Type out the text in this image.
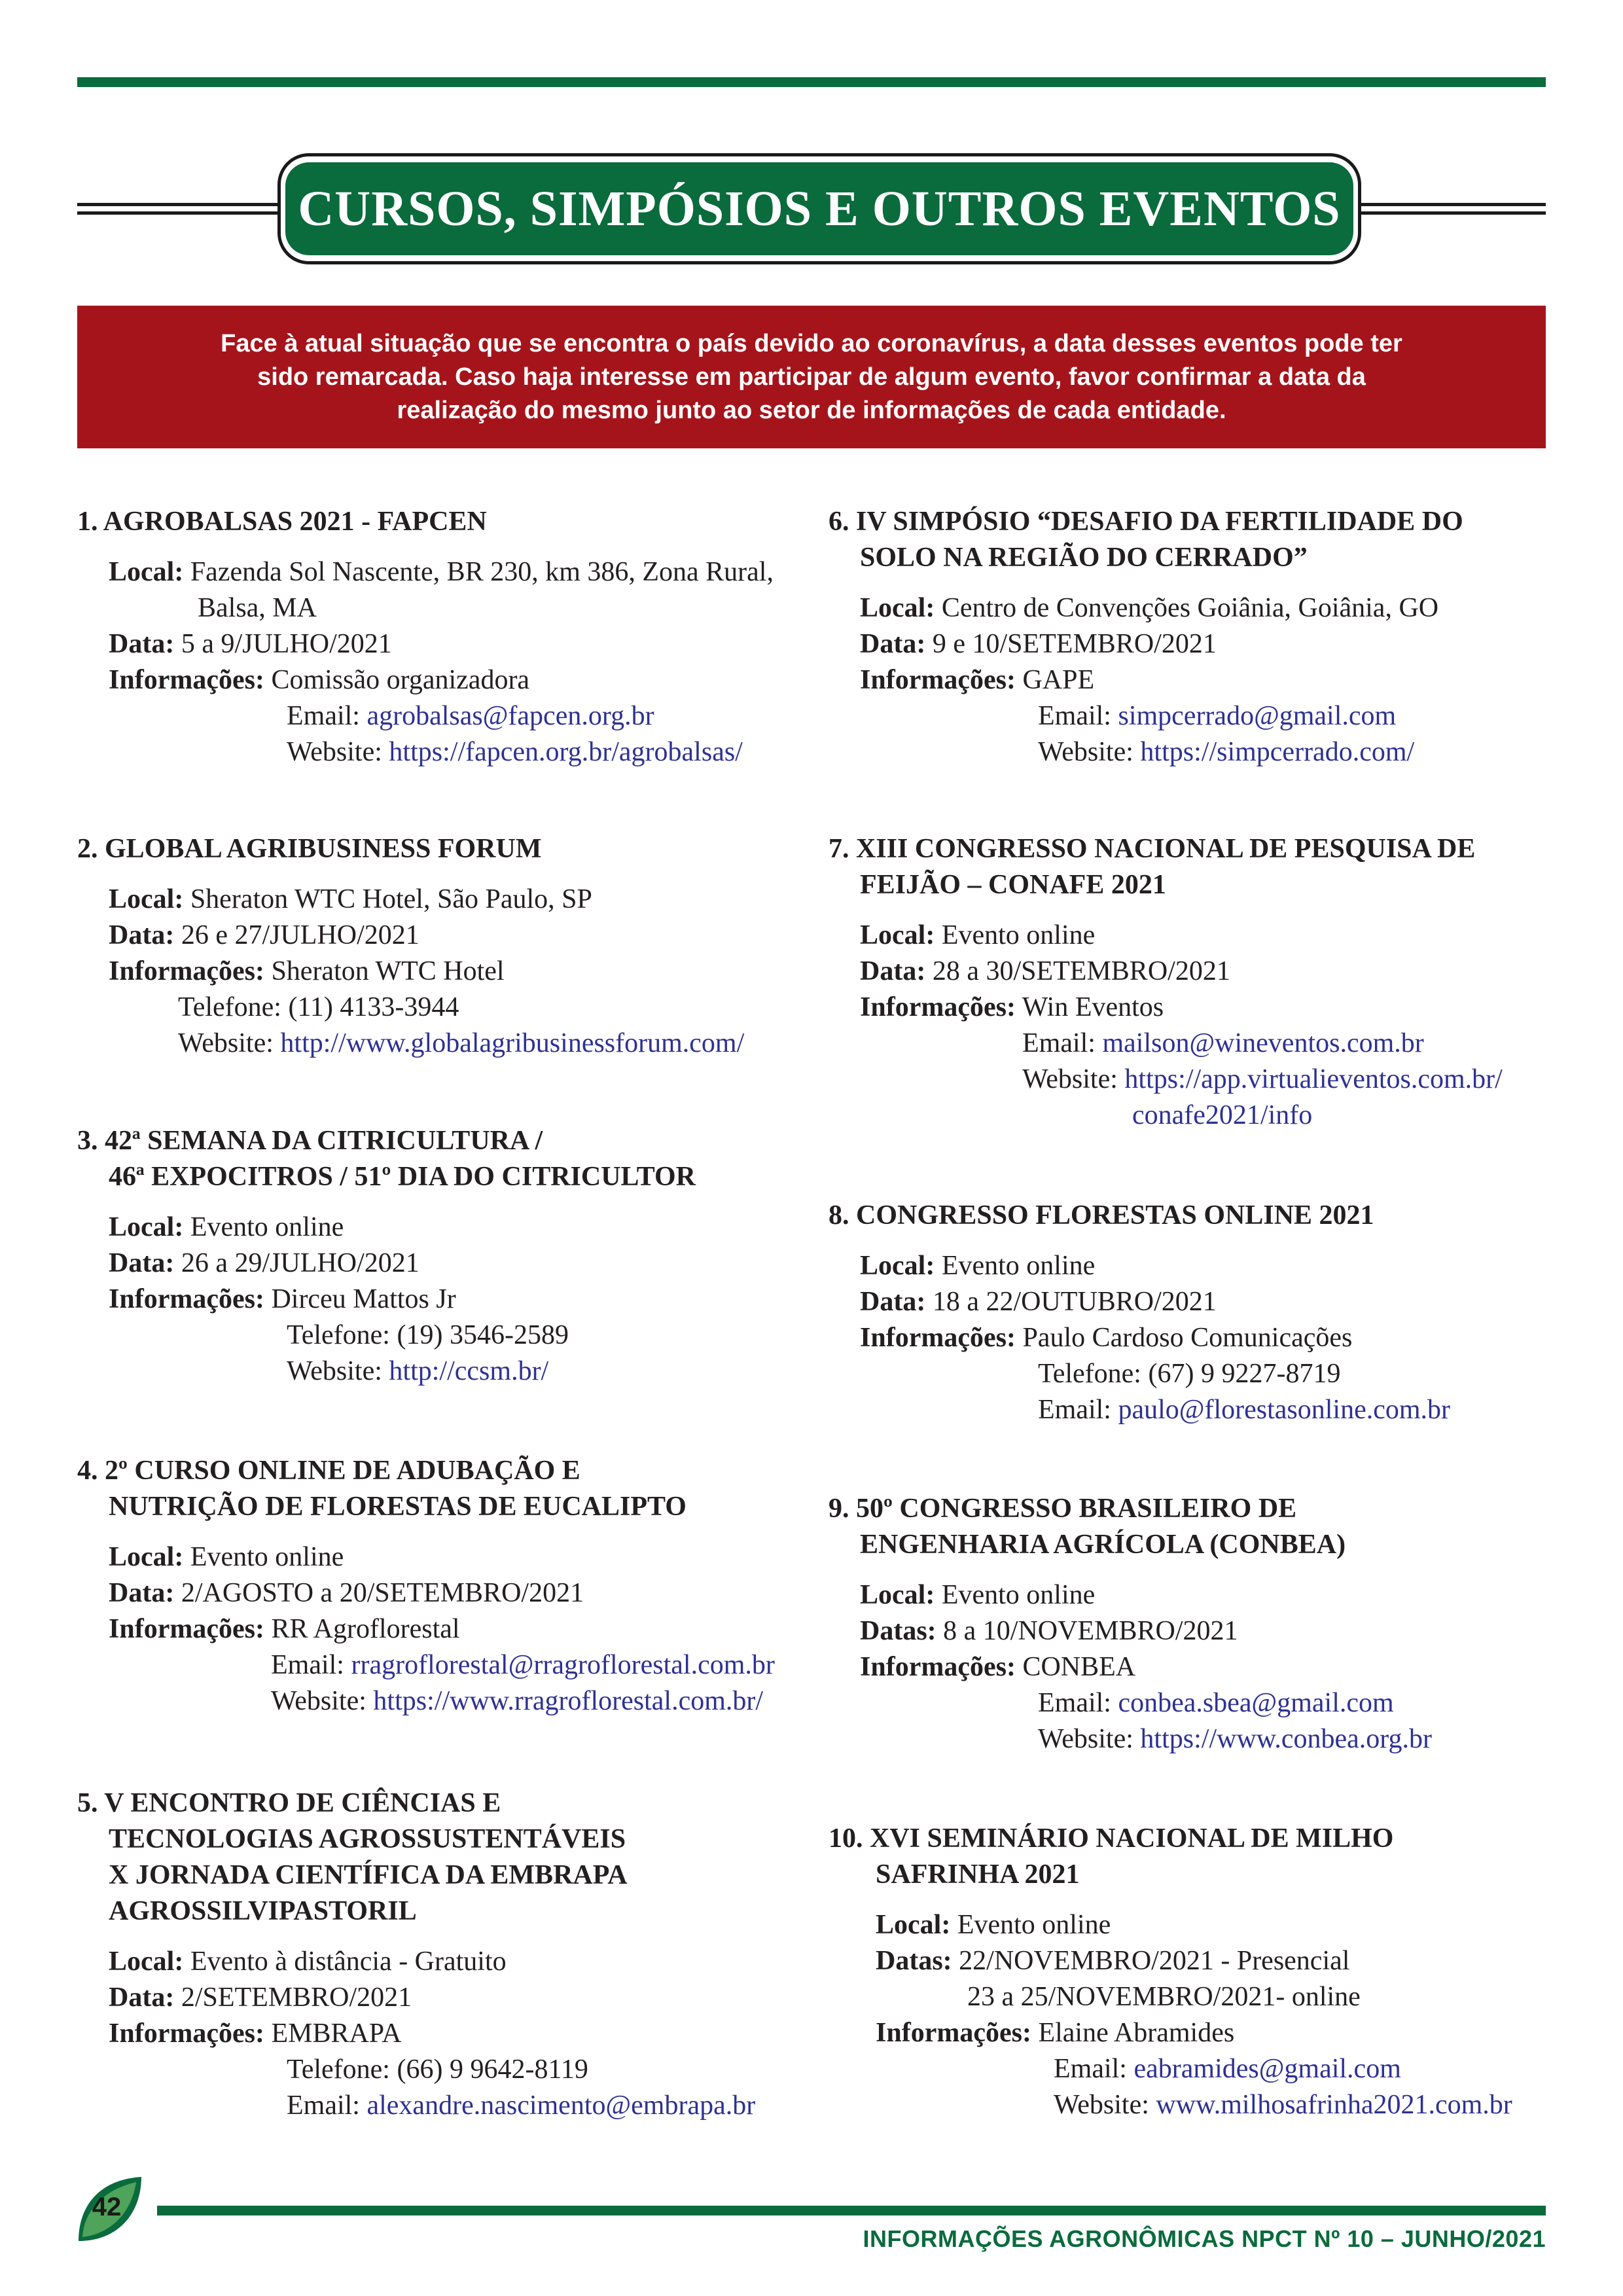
CURSOS, SIMPÓSIOS E OUTROS EVENTOS
Face à atual situação que se encontra o país devido ao coronavírus, a data desses eventos pode ter
sido remarcada. Caso haja interesse em participar de algum evento, favor confirmar a data da
realização do mesmo junto ao setor de informações de cada entidade.

1. AGROBALSAS 2021 - FAPCEN

Local: Fazenda Sol Nascente, BR 230, km 386, Zona Rural,
Balsa, MA
Data: 5 a 9/JULHO/2021
Informações: Comissão organizadora
Email: agrobalsas@fapcen.org.br
Website: https://fapcen.org.br/agrobalsas/

2. GLOBAL AGRIBUSINESS FORUM

Local: Sheraton WTC Hotel, São Paulo, SP
Data: 26 e 27/JULHO/2021
Informações: Sheraton WTC Hotel
Telefone: (11) 4133-3944
Website: http://www.globalagribusinessforum.com/

3. 42ª SEMANA DA CITRICULTURA /
46ª EXPOCITROS / 51º DIA DO CITRICULTOR

Local: Evento online
Data: 26 a 29/JULHO/2021
Informações: Dirceu Mattos Jr
Telefone: (19) 3546-2589
Website: http://ccsm.br/

4. 2º CURSO ONLINE DE ADUBAÇÃO E
NUTRIÇÃO DE FLORESTAS DE EUCALIPTO

Local: Evento online
Data: 2/AGOSTO a 20/SETEMBRO/2021
Informações: RR Agroflorestal
Email: rragroflorestal@rragroflorestal.com.br
Website: https://www.rragroflorestal.com.br/

5. V ENCONTRO DE CIÊNCIAS E
TECNOLOGIAS AGROSSUSTENTÁVEIS
X JORNADA CIENTÍFICA DA EMBRAPA
AGROSSILVIPASTORIL

Local: Evento à distância - Gratuito
Data: 2/SETEMBRO/2021
Informações: EMBRAPA
Telefone: (66) 9 9642-8119
Email: alexandre.nascimento@embrapa.br

6. IV SIMPÓSIO “DESAFIO DA FERTILIDADE DO
SOLO NA REGIÃO DO CERRADO”

Local: Centro de Convenções Goiânia, Goiânia, GO
Data: 9 e 10/SETEMBRO/2021
Informações: GAPE
Email: simpcerrado@gmail.com
Website: https://simpcerrado.com/

7. XIII CONGRESSO NACIONAL DE PESQUISA DE
FEIJÃO – CONAFE 2021

Local: Evento online
Data: 28 a 30/SETEMBRO/2021
Informações: Win Eventos
Email: mailson@wineventos.com.br
Website: https://app.virtualieventos.com.br/
conafe2021/info

8. CONGRESSO FLORESTAS ONLINE 2021

Local: Evento online
Data: 18 a 22/OUTUBRO/2021
Informações: Paulo Cardoso Comunicações
Telefone: (67) 9 9227-8719
Email: paulo@florestasonline.com.br

9. 50º CONGRESSO BRASILEIRO DE
ENGENHARIA AGRÍCOLA (CONBEA)

Local: Evento online
Datas: 8 a 10/NOVEMBRO/2021
Informações: CONBEA
Email: conbea.sbea@gmail.com
Website: https://www.conbea.org.br

10. XVI SEMINÁRIO NACIONAL DE MILHO
SAFRINHA 2021

Local: Evento online
Datas: 22/NOVEMBRO/2021 - Presencial
23 a 25/NOVEMBRO/2021- online
Informações: Elaine Abramides
Email: eabramides@gmail.com
Website: www.milhosafrinha2021.com.br
42
INFORMAÇÕES AGRONÔMICAS NPCT Nº 10 – JUNHO/2021
